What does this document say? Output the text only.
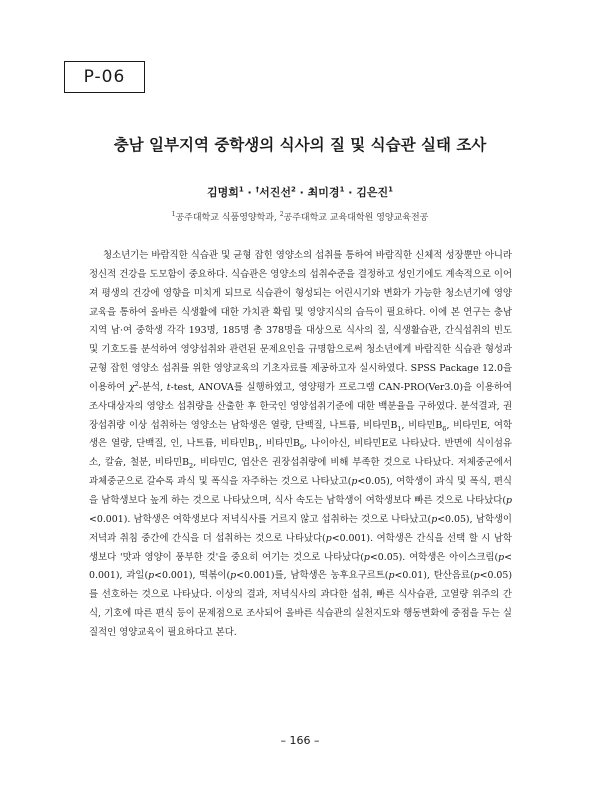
P-06
충남 일부지역 중학생의 식사의 질 및 식습관 실태 조사
김명희$^1$ · †서진선$^2$ · 최미경$^1$ · 김은진$^1$
$^1$공주대학교 식품영양학과, $^2$공주대학교 교육대학원 영양교육전공

청소년기는 바람직한 식습관 및 균형 잡힌 영양소의 섭취를 통하여 바람직한 신체적 성장뿐만 아니라 정신적 건강을 도모함이 중요하다. 식습관은 영양소의 섭취수준을 결정하고 성인기에도 계속적으로 이어져 평생의 건강에 영향을 미치게 되므로 식습관이 형성되는 어린시기와 변화가 가능한 청소년기에 영양교육을 통하여 올바른 식생활에 대한 가치관 확립 및 영양지식의 습득이 필요하다. 이에 본 연구는 충남지역 남·여 중학생 각각 193명, 185명 총 378명을 대상으로 식사의 질, 식생활습관, 간식섭취의 빈도 및 기호도를 분석하여 영양섭취와 관련된 문제요인을 규명함으로써 청소년에게 바람직한 식습관 형성과 균형 잡힌 영양소 섭취를 위한 영양교육의 기초자료를 제공하고자 실시하였다. SPSS Package 12.0을 이용하여 $\chi^2-$분석, t-test, ANOVA를 실행하였고, 영양평가 프로그램 CAN-PRO(Ver3.0)을 이용하여 조사대상자의 영양소 섭취량을 산출한 후 한국인 영양섭취기준에 대한 백분율을 구하였다. 분석결과, 권장섭취량 이상 섭취하는 영양소는 남학생은 열량, 단백질, 나트륨, 비타민$B_1$, 비타민$B_6$, 비타민E, 여학생은 열량, 단백질, 인, 나트륨, 비타민$B_1$, 비타민$B_6$, 나이아신, 비타민E로 나타났다. 반면에 식이섬유소, 칼슘, 철분, 비타민$B_2$, 비타민C, 엽산은 권장섭취량에 비해 부족한 것으로 나타났다. 저체중군에서 과체중군으로 갈수록 과식 및 폭식을 자주하는 것으로 나타났고(p<0.05), 여학생이 과식 및 폭식, 편식을 남학생보다 높게 하는 것으로 나타났으며, 식사 속도는 남학생이 여학생보다 빠른 것으로 나타났다(p<0.001). 남학생은 여학생보다 저녁식사를 거르지 않고 섭취하는 것으로 나타났고(p<0.05), 남학생이 저녁과 취침 중간에 간식을 더 섭취하는 것으로 나타났다(p<0.001). 여학생은 간식을 선택 할 시 남학생보다 '맛과 영양이 풍부한 것'을 중요히 여기는 것으로 나타났다(p<0.05). 여학생은 아이스크림(p<0.001), 과일(p<0.001), 떡볶이(p<0.001)를, 남학생은 농후요구르트(p<0.01), 탄산음료(p<0.05)를 선호하는 것으로 나타났다. 이상의 결과, 저녁식사의 과다한 섭취, 빠른 식사습관, 고열량 위주의 간식, 기호에 따른 편식 등이 문제점으로 조사되어 올바른 식습관의 실천지도와 행동변화에 중점을 두는 실질적인 영양교육이 필요하다고 본다.

– 166 –
